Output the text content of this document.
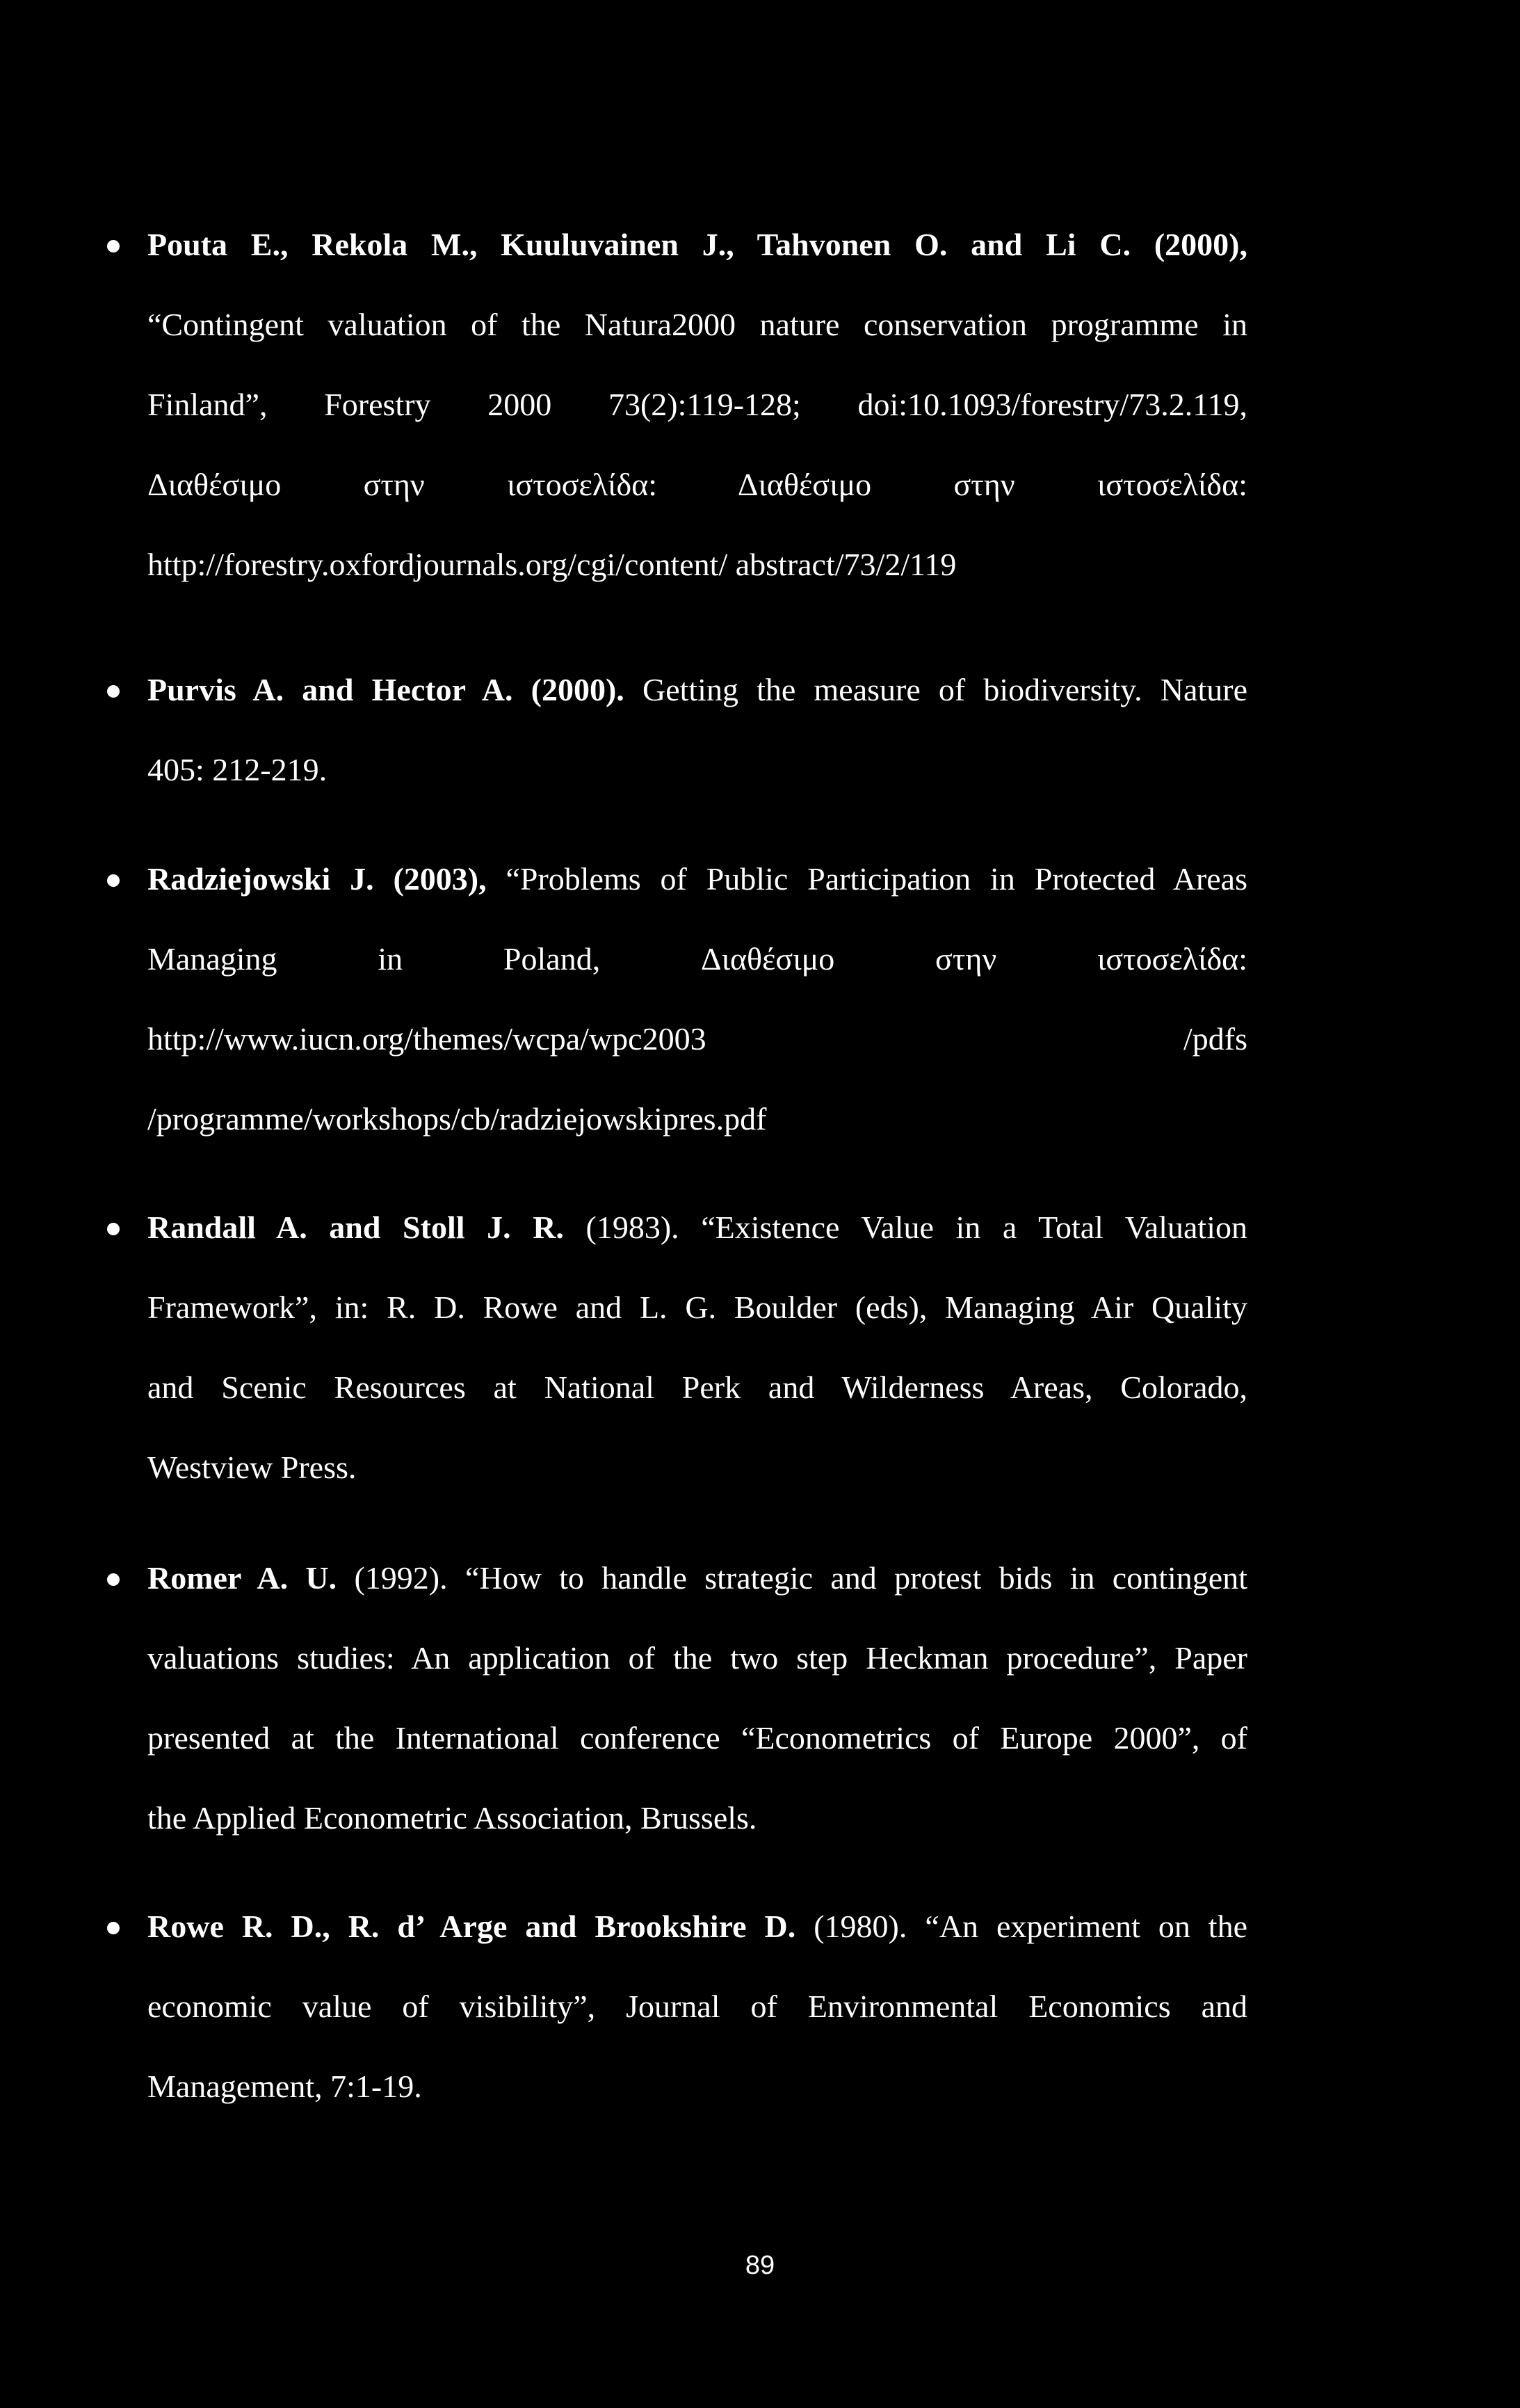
Pouta E., Rekola M., Kuuluvainen J., Tahvonen O. and Li C. (2000),
“Contingent valuation of the Natura2000 nature conservation programme in
Finland”, Forestry 2000 73(2):119-128; doi:10.1093/forestry/73.2.119,
Διαθέσιμο στην ιστοσελίδα: Διαθέσιμο στην ιστοσελίδα:
http://forestry.oxfordjournals.org/cgi/content/ abstract/73/2/119
Purvis A. and Hector A. (2000). Getting the measure of biodiversity. Nature
405: 212-219.
Radziejowski J. (2003), “Problems of Public Participation in Protected Areas
Managing in Poland, Διαθέσιμο στην ιστοσελίδα:
http://www.iucn.org/themes/wcpa/wpc2003	/pdfs
/programme/workshops/cb/radziejowskipres.pdf
Randall A. and Stoll J. R. (1983). “Existence Value in a Total Valuation
Framework”, in: R. D. Rowe and L. G. Boulder (eds), Managing Air Quality
and Scenic Resources at National Perk and Wilderness Areas, Colorado,
Westview Press.
Romer A. U. (1992). “How to handle strategic and protest bids in contingent
valuations studies: An application of the two step Heckman procedure”, Paper
presented at the International conference “Econometrics of Europe 2000”, of
the Applied Econometric Association, Brussels.
Rowe R. D., R. d’ Arge and Brookshire D. (1980). “An experiment on the
economic value of visibility”, Journal of Environmental Economics and
Management, 7:1-19.
89
